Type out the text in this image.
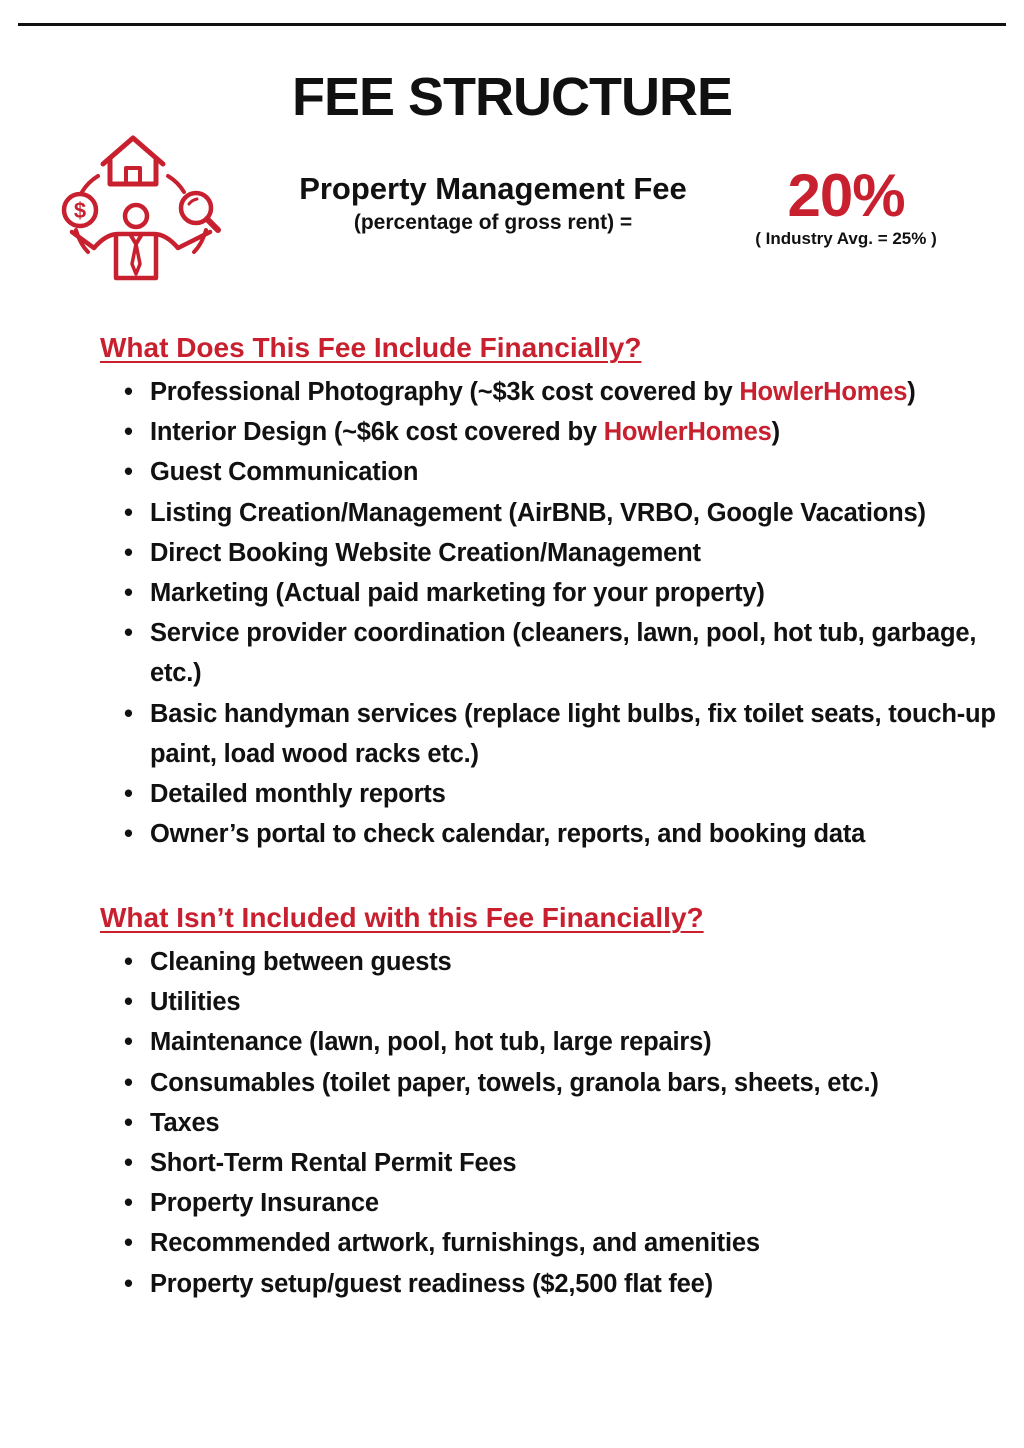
FEE STRUCTURE
$
Property Management Fee
(percentage of gross rent) =	20%
( Industry Avg. = 25% )
What Does This Fee Include Financially?
• Professional Photography (~$3k cost covered by HowlerHomes)
• Interior Design (~$6k cost covered by HowlerHomes)
• Guest Communication
• Listing Creation/Management (AirBNB, VRBO, Google Vacations)
• Direct Booking Website Creation/Management
• Marketing (Actual paid marketing for your property)
• Service provider coordination (cleaners, lawn, pool, hot tub, garbage, etc.)
• Basic handyman services (replace light bulbs, fix toilet seats, touch-up paint, load wood racks etc.)
• Detailed monthly reports
• Owner’s portal to check calendar, reports, and booking data
What Isn’t Included with this Fee Financially?
• Cleaning between guests
• Utilities
• Maintenance (lawn, pool, hot tub, large repairs)
• Consumables (toilet paper, towels, granola bars, sheets, etc.)
• Taxes
• Short-Term Rental Permit Fees
• Property Insurance
• Recommended artwork, furnishings, and amenities
• Property setup/guest readiness ($2,500 flat fee)
